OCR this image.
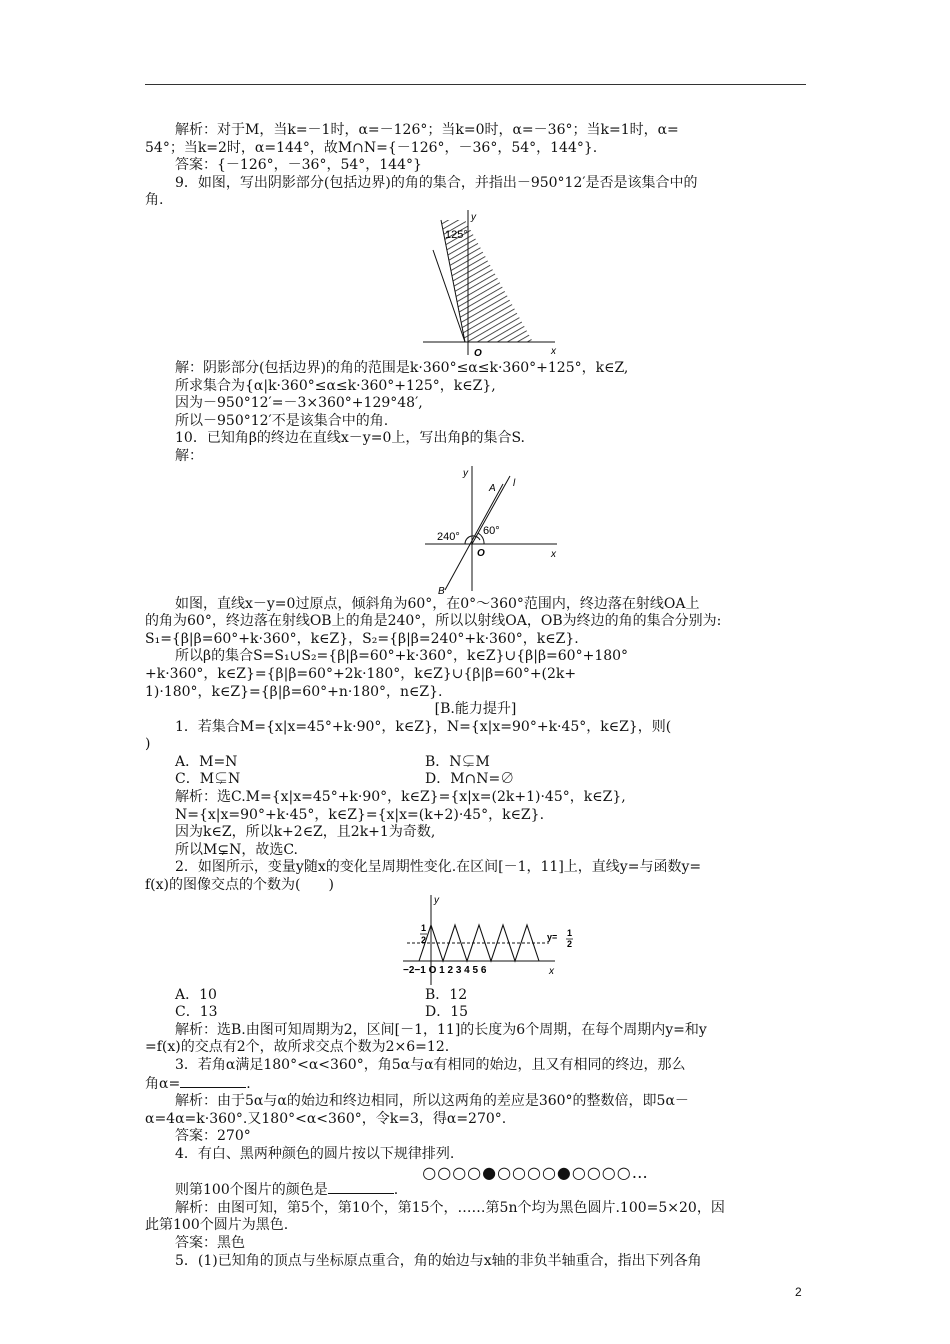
解析：对于M，当k=－1时，α=－126°；当k=0时，α=－36°；当k=1时，α=
54°；当k=2时，α=144°，故M∩N={－126°，－36°，54°，144°}.
答案：{－126°，－36°，54°，144°}
9．如图，写出阴影部分(包括边界)的角的集合，并指出－950°12′是否是该集合中的
角.
125°
O	x
y
解：阴影部分(包括边界)的角的范围是k·360°≤α≤k·360°+125°，k∈Z,
所求集合为{α|k·360°≤α≤k·360°+125°，k∈Z},
因为－950°12′=－3×360°+129°48′,
所以－950°12′不是该集合中的角.
10．已知角β的终边在直线x－y=0上，写出角β的集合S.
解：
60°
240°
A l
B
O	x
y
如图，直线x－y=0过原点，倾斜角为60°，在0°～360°范围内，终边落在射线OA上
的角为60°，终边落在射线OB上的角是240°，所以以射线OA，OB为终边的角的集合分别为:
S₁={β|β=60°+k·360°，k∈Z}，S₂={β|β=240°+k·360°，k∈Z}.
所以β的集合S=S₁∪S₂={β|β=60°+k·360°，k∈Z}∪{β|β=60°+180°
+k·360°，k∈Z}={β|β=60°+2k·180°，k∈Z}∪{β|β=60°+(2k+
1)·180°，k∈Z}={β|β=60°+n·180°，n∈Z}.
[B.能力提升]
1．若集合M={x|x=45°+k·90°，k∈Z}，N={x|x=90°+k·45°，k∈Z}，则(
)
A．M=N	B．N⊊M
C．M⊊N	D．M∩N=∅
解析：选C.M={x|x=45°+k·90°，k∈Z}={x|x=(2k+1)·45°，k∈Z},
N={x|x=90°+k·45°，k∈Z}={x|x=(k+2)·45°，k∈Z}.
因为k∈Z，所以k+2∈Z，且2k+1为奇数,
所以M⊊N，故选C.
2．如图所示，变量y随x的变化呈周期性变化.在区间[－1，11]上，直线y=与函数y=
f(x)的图像交点的个数为(　　)
y
1
2	y= 1
2
−2−1 O 1 2 3 4 5 6	x
A．10	B．12
C．13	D．15
解析：选B.由图可知周期为2，区间[－1，11]的长度为6个周期，在每个周期内y=和y
=f(x)的交点有2个，故所求交点个数为2×6=12.
3．若角α满足180°<α<360°，角5α与α有相同的始边，且又有相同的终边，那么
角α=	.
解析：由于5α与α的始边和终边相同，所以这两角的差应是360°的整数倍，即5α－
α=4α=k·360°.又180°<α<360°，令k=3，得α=270°.
答案：270°
4．有白、黑两种颜色的圆片按以下规律排列.
○○○○●○○○○●○○○○…
则第100个图片的颜色是	.
解析：由图可知，第5个，第10个，第15个，……第5n个均为黑色圆片.100=5×20，因
此第100个圆片为黑色.
答案：黑色
5．(1)已知角的顶点与坐标原点重合，角的始边与x轴的非负半轴重合，指出下列各角
2
